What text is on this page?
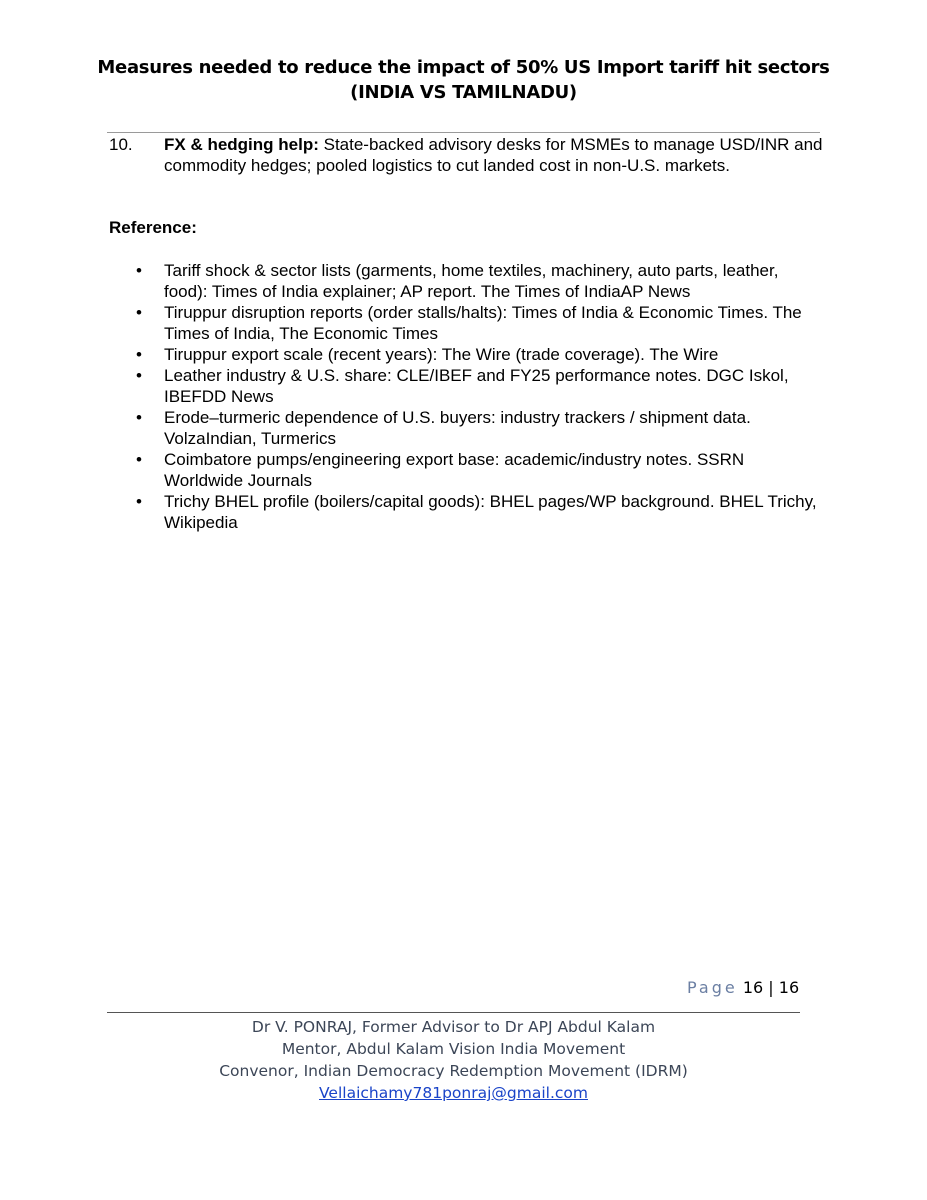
Measures needed to reduce the impact of 50% US Import tariff hit sectors
(INDIA VS TAMILNADU)
10. FX & hedging help: State-backed advisory desks for MSMEs to manage USD/INR and commodity hedges; pooled logistics to cut landed cost in non-U.S. markets.
Reference:
• Tariff shock & sector lists (garments, home textiles, machinery, auto parts, leather, food): Times of India explainer; AP report. The Times of IndiaAP News
• Tiruppur disruption reports (order stalls/halts): Times of India & Economic Times. The Times of India, The Economic Times
• Tiruppur export scale (recent years): The Wire (trade coverage). The Wire
• Leather industry & U.S. share: CLE/IBEF and FY25 performance notes. DGC Iskol, IBEFDD News
• Erode–turmeric dependence of U.S. buyers: industry trackers / shipment data. VolzaIndian, Turmerics
• Coimbatore pumps/engineering export base: academic/industry notes. SSRN Worldwide Journals
• Trichy BHEL profile (boilers/capital goods): BHEL pages/WP background. BHEL Trichy, Wikipedia
Page 16 | 16
Dr V. PONRAJ, Former Advisor to Dr APJ Abdul Kalam
Mentor, Abdul Kalam Vision India Movement
Convenor, Indian Democracy Redemption Movement (IDRM)
Vellaichamy781ponraj@gmail.com
